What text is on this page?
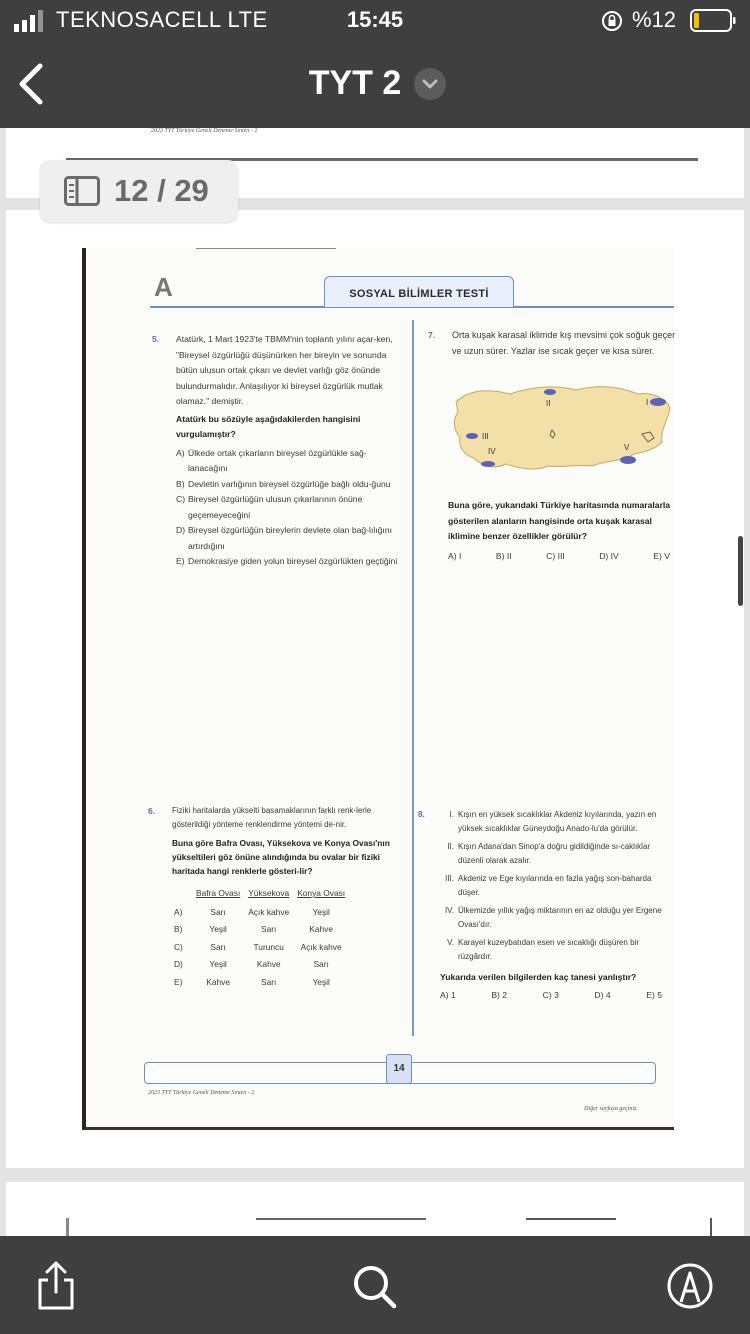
TEKNOSACELL LTE	15:45	%12
TYT 2
2023 TYT Türkiye Geneli Deneme Sınavı - 2
A	SOSYAL BİLİMLER TESTİ
5. Atatürk, 1 Mart 1923'te TBMM'nin toplantı yılını açar-ken, "Bireysel özgürlüğü düşünürken her bireyin ve sonunda bütün ulusun ortak çıkarı ve devlet varlığı göz önünde bulundurmalıdır. Anlaşılıyor ki bireysel özgürlük mutlak olamaz." demiştir.

Atatürk bu sözüyle aşağıdakilerden hangisini vurgulamıştır?

A) Ülkede ortak çıkarların bireysel özgürlükle sağ-lanacağını
B) Devletin varlığının bireysel özgürlüğe bağlı oldu-ğunu
C) Bireysel özgürlüğün ulusun çıkarlarının önüne geçemeyeceğini
D) Bireysel özgürlüğün bireylerin devlete olan bağ-lılığını artırdığını
E) Demokrasiye giden yolun bireysel özgürlükten geçtiğini
7. Orta kuşak karasal iklimde kış mevsimi çok soğuk geçer ve uzun sürer. Yazlar ise sıcak geçer ve kısa sürer.

I
II
III
IV	V

Buna göre, yukarıdaki Türkiye haritasında numaralarla gösterilen alanların hangisinde orta kuşak karasal iklimine benzer özellikler görülür?

A) I	B) II	C) III	D) IV	E) V
6. Fiziki haritalarda yükselti basamaklarının farklı renk-lerle gösterildiği yönteme renklendirme yöntemi de-nir.

Buna göre Bafra Ovası, Yüksekova ve Konya Ovası'nın yükseltileri göz önüne alındığında bu ovalar bir fiziki haritada hangi renklerle gösteri-lir?

	Bafra Ovası	Yüksekova	Konya Ovası
A)	Sarı	Açık kahve	Yeşil
B)	Yeşil	Sarı	Kahve
C)	Sarı	Turuncu	Açık kahve
D)	Yeşil	Kahve	Sarı
E)	Kahve	Sarı	Yeşil
8.	I. Kışın en yüksek sıcaklıklar Akdeniz kıyılarında, yazın en yüksek sıcaklıklar Güneydoğu Anado-lu'da görülür.
II. Kışın Adana'dan Sinop'a doğru gidildiğinde sı-caklıklar düzenli olarak azalır.
III. Akdeniz ve Ege kıyılarında en fazla yağış son-baharda düşer.
IV. Ülkemizde yıllık yağış miktarının en az olduğu yer Ergene Ovası'dır.
V. Karayel kuzeybatıdan esen ve sıcaklığı düşüren bir rüzgârdır.

Yukarıda verilen bilgilerden kaç tanesi yanlıştır?

A) 1	B) 2	C) 3	D) 4	E) 5
14
2023 TYT Türkiye Geneli Deneme Sınavı - 2
Diğer sayfaya geçiniz.
12 / 29
